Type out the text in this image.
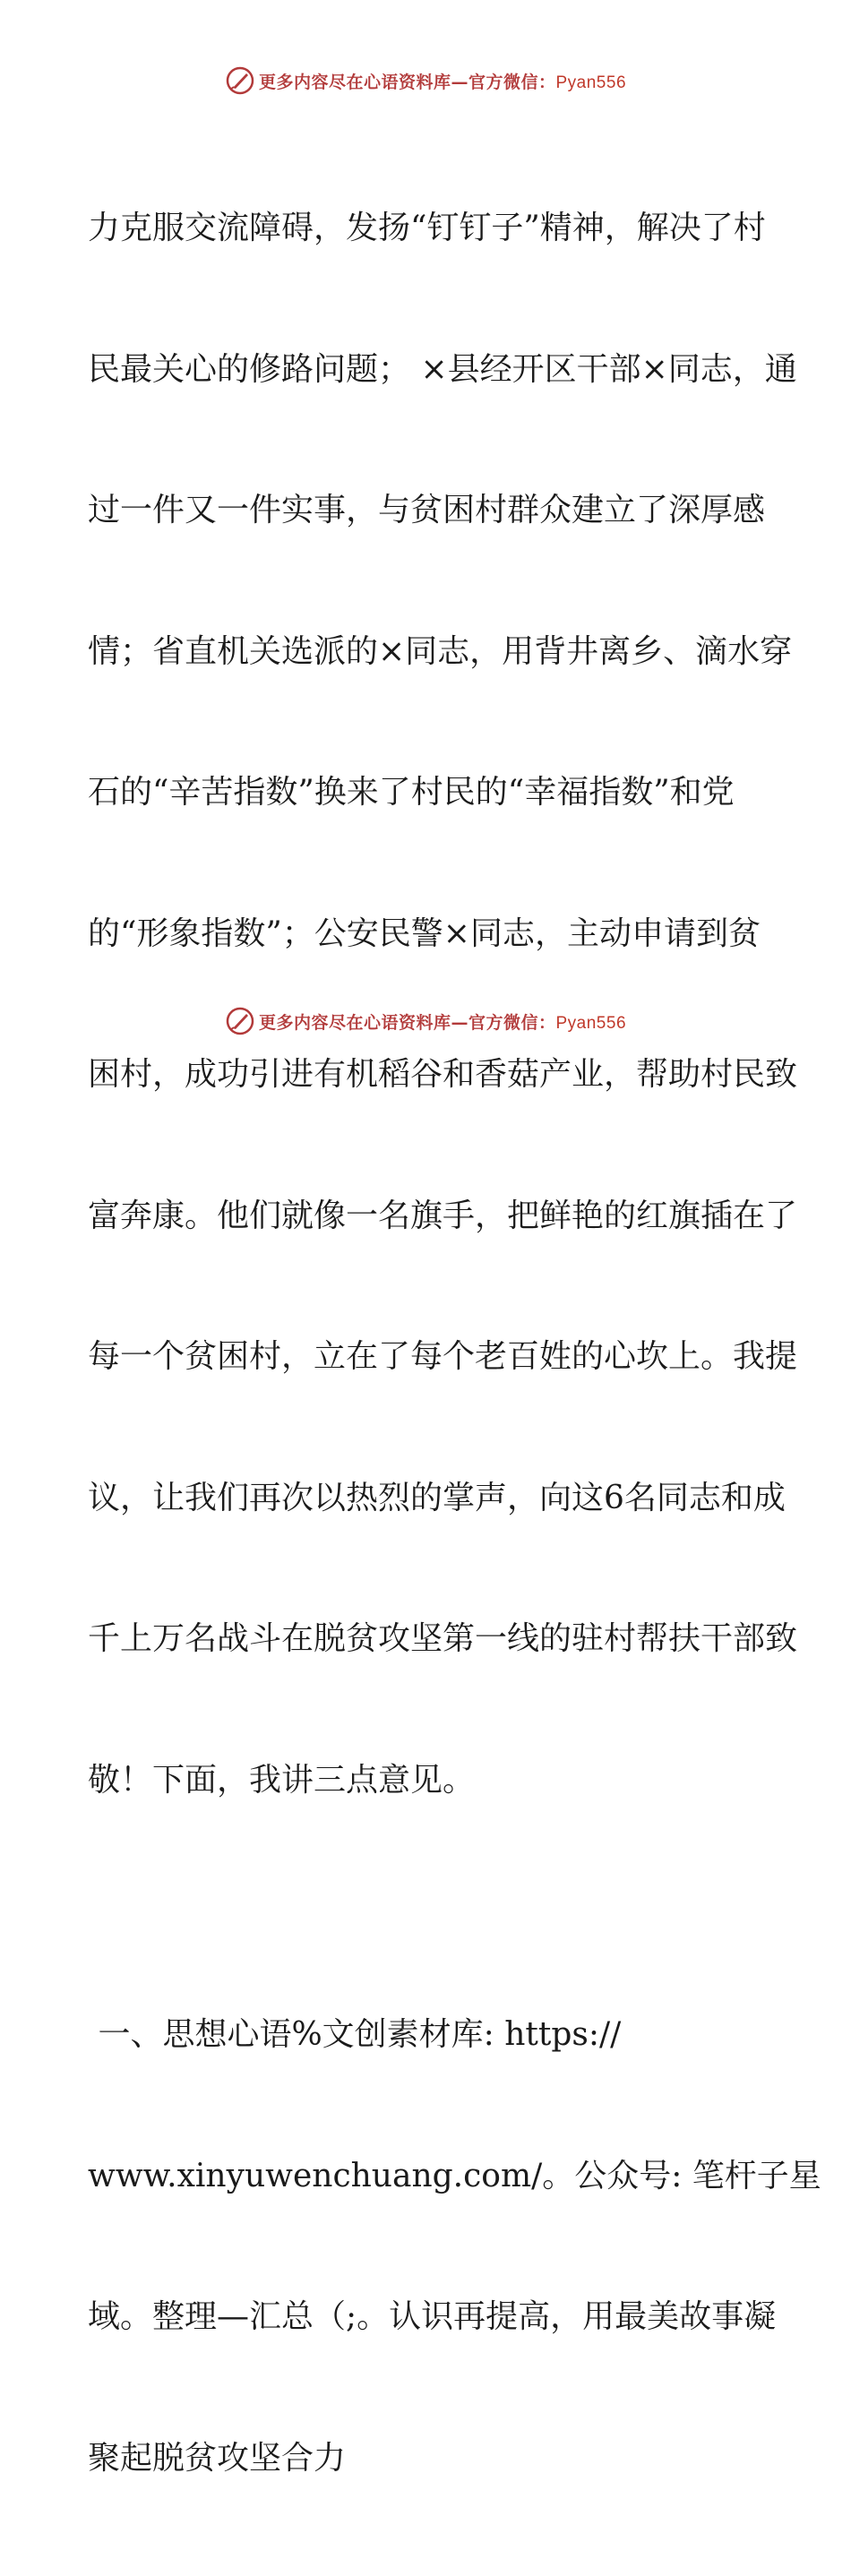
更多内容尽在心语资料库—官方微信：Pyan556

力克服交流障碍，发扬“钉钉子”精神，解决了村

民最关心的修路问题； ×县经开区干部×同志，通

过一件又一件实事，与贫困村群众建立了深厚感

情；省直机关选派的×同志，用背井离乡、滴水穿

石的“辛苦指数”换来了村民的“幸福指数”和党

的“形象指数”；公安民警×同志，主动申请到贫

困村，成功引进有机稻谷和香菇产业，帮助村民致

富奔康。他们就像一名旗手，把鲜艳的红旗插在了

每一个贫困村，立在了每个老百姓的心坎上。我提

议，让我们再次以热烈的掌声，向这6名同志和成

千上万名战斗在脱贫攻坚第一线的驻村帮扶干部致

敬！下面，我讲三点意见。

一、思想心语%文创素材库: https://

www.xinyuwenchuang.com/。公众号: 笔杆子星

域。整理—汇总（;。认识再提高，用最美故事凝

聚起脱贫攻坚合力

更多内容尽在心语资料库—官方微信：Pyan556
